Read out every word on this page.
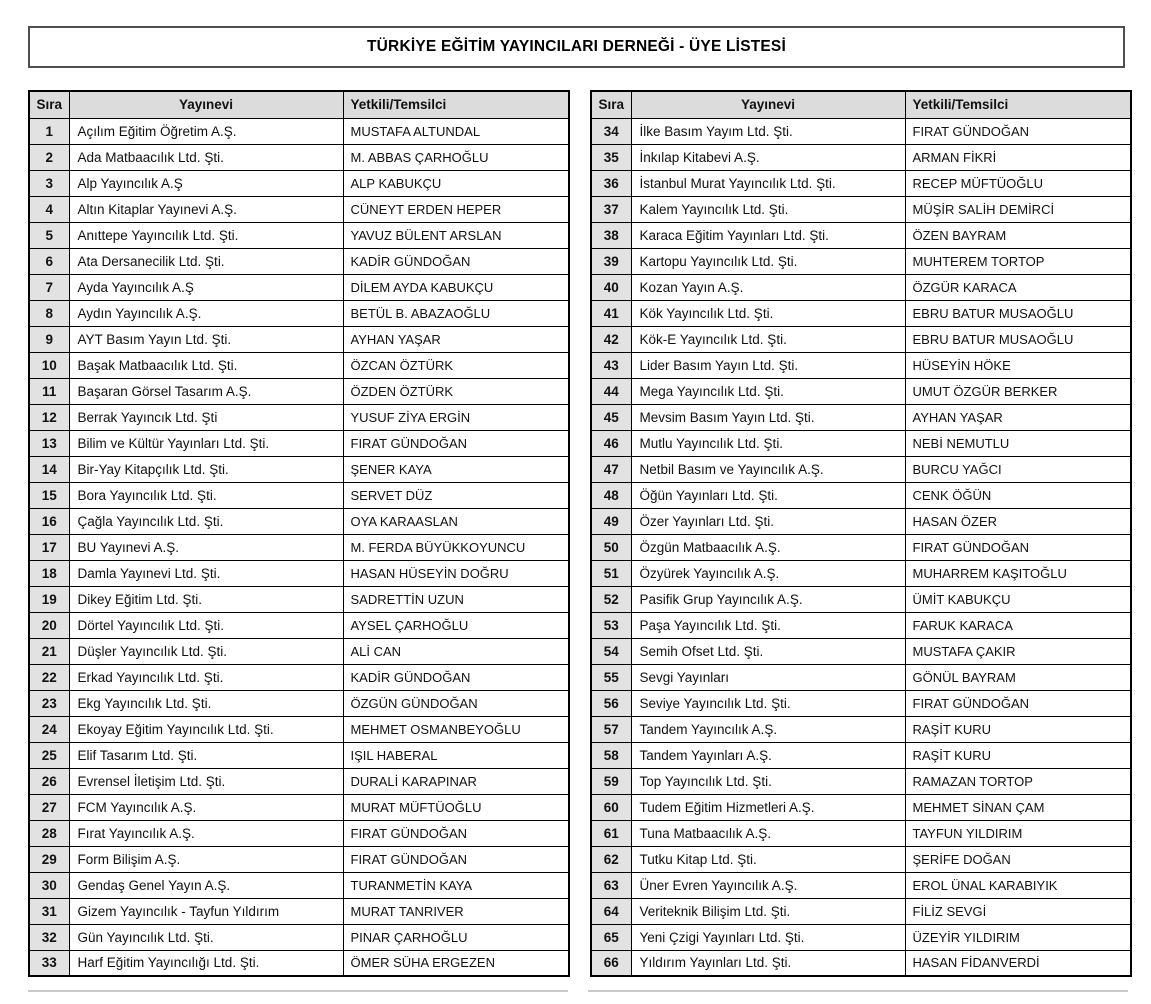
TÜRKİYE EĞİTİM YAYINCILARI DERNEĞİ - ÜYE LİSTESİ
Sıra	Yayınevi	Yetkili/Temsilci
1	Açılım Eğitim Öğretim A.Ş.	MUSTAFA ALTUNDAL
2	Ada Matbaacılık Ltd. Şti.	M. ABBAS ÇARHOĞLU
3	Alp Yayıncılık A.Ş	ALP KABUKÇU
4	Altın Kitaplar Yayınevi A.Ş.	CÜNEYT ERDEN HEPER
5	Anıttepe Yayıncılık Ltd. Şti.	YAVUZ BÜLENT ARSLAN
6	Ata Dersanecilik Ltd. Şti.	KADİR GÜNDOĞAN
7	Ayda Yayıncılık A.Ş	DİLEM AYDA KABUKÇU
8	Aydın Yayıncılık A.Ş.	BETÜL B. ABAZAOĞLU
9	AYT Basım Yayın Ltd. Şti.	AYHAN YAŞAR
10	Başak Matbaacılık Ltd. Şti.	ÖZCAN ÖZTÜRK
11	Başaran Görsel Tasarım A.Ş.	ÖZDEN ÖZTÜRK
12	Berrak Yayıncık Ltd. Şti	YUSUF ZİYA ERGİN
13	Bilim ve Kültür Yayınları Ltd. Şti.	FIRAT GÜNDOĞAN
14	Bir-Yay Kitapçılık Ltd. Şti.	ŞENER KAYA
15	Bora Yayıncılık Ltd. Şti.	SERVET DÜZ
16	Çağla Yayıncılık Ltd. Şti.	OYA KARAASLAN
17	BU Yayınevi A.Ş.	M. FERDA BÜYÜKKOYUNCU
18	Damla Yayınevi Ltd. Şti.	HASAN HÜSEYİN DOĞRU
19	Dikey Eğitim Ltd. Şti.	SADRETTİN UZUN
20	Dörtel Yayıncılık Ltd. Şti.	AYSEL ÇARHOĞLU
21	Düşler Yayıncılık Ltd. Şti.	ALİ CAN
22	Erkad Yayıncılık Ltd. Şti.	KADİR GÜNDOĞAN
23	Ekg Yayıncılık Ltd. Şti.	ÖZGÜN GÜNDOĞAN
24	Ekoyay Eğitim Yayıncılık Ltd. Şti.	MEHMET OSMANBEYOĞLU
25	Elif Tasarım Ltd. Şti.	IŞIL HABERAL
26	Evrensel İletişim Ltd. Şti.	DURALİ KARAPINAR
27	FCM Yayıncılık A.Ş.	MURAT MÜFTÜOĞLU
28	Fırat Yayıncılık A.Ş.	FIRAT GÜNDOĞAN
29	Form Bilişim A.Ş.	FIRAT GÜNDOĞAN
30	Gendaş Genel Yayın A.Ş.	TURANMETİN KAYA
31	Gizem Yayıncılık - Tayfun Yıldırım	MURAT TANRIVER
32	Gün Yayıncılık Ltd. Şti.	PINAR ÇARHOĞLU
33	Harf Eğitim Yayıncılığı Ltd. Şti.	ÖMER SÜHA ERGEZEN
Sıra	Yayınevi	Yetkili/Temsilci
34	İlke Basım Yayım Ltd. Şti.	FIRAT GÜNDOĞAN
35	İnkılap Kitabevi A.Ş.	ARMAN FİKRİ
36	İstanbul Murat Yayıncılık Ltd. Şti.	RECEP MÜFTÜOĞLU
37	Kalem Yayıncılık Ltd. Şti.	MÜŞİR SALİH DEMİRCİ
38	Karaca Eğitim Yayınları Ltd. Şti.	ÖZEN BAYRAM
39	Kartopu Yayıncılık Ltd. Şti.	MUHTEREM TORTOP
40	Kozan Yayın A.Ş.	ÖZGÜR KARACA
41	Kök Yayıncılık Ltd. Şti.	EBRU BATUR MUSAOĞLU
42	Kök-E Yayıncılık Ltd. Şti.	EBRU BATUR MUSAOĞLU
43	Lider Basım Yayın Ltd. Şti.	HÜSEYİN HÖKE
44	Mega Yayıncılık Ltd. Şti.	UMUT ÖZGÜR BERKER
45	Mevsim Basım Yayın Ltd. Şti.	AYHAN YAŞAR
46	Mutlu Yayıncılık Ltd. Şti.	NEBİ NEMUTLU
47	Netbil Basım ve Yayıncılık A.Ş.	BURCU YAĞCI
48	Öğün Yayınları Ltd. Şti.	CENK ÖĞÜN
49	Özer Yayınları Ltd. Şti.	HASAN ÖZER
50	Özgün Matbaacılık A.Ş.	FIRAT GÜNDOĞAN
51	Özyürek Yayıncılık A.Ş.	MUHARREM KAŞITOĞLU
52	Pasifik Grup Yayıncılık A.Ş.	ÜMİT KABUKÇU
53	Paşa Yayıncılık Ltd. Şti.	FARUK KARACA
54	Semih Ofset Ltd. Şti.	MUSTAFA ÇAKIR
55	Sevgi Yayınları	GÖNÜL BAYRAM
56	Seviye Yayıncılık Ltd. Şti.	FIRAT GÜNDOĞAN
57	Tandem Yayıncılık A.Ş.	RAŞİT KURU
58	Tandem Yayınları A.Ş.	RAŞİT KURU
59	Top Yayıncılık Ltd. Şti.	RAMAZAN TORTOP
60	Tudem Eğitim Hizmetleri A.Ş.	MEHMET SİNAN ÇAM
61	Tuna Matbaacılık A.Ş.	TAYFUN YILDIRIM
62	Tutku Kitap Ltd. Şti.	ŞERİFE DOĞAN
63	Üner Evren Yayıncılık A.Ş.	EROL ÜNAL KARABIYIK
64	Veriteknik Bilişim Ltd. Şti.	FİLİZ SEVGİ
65	Yeni Çzigi Yayınları Ltd. Şti.	ÜZEYİR YILDIRIM
66	Yıldırım Yayınları Ltd. Şti.	HASAN FİDANVERDİ
